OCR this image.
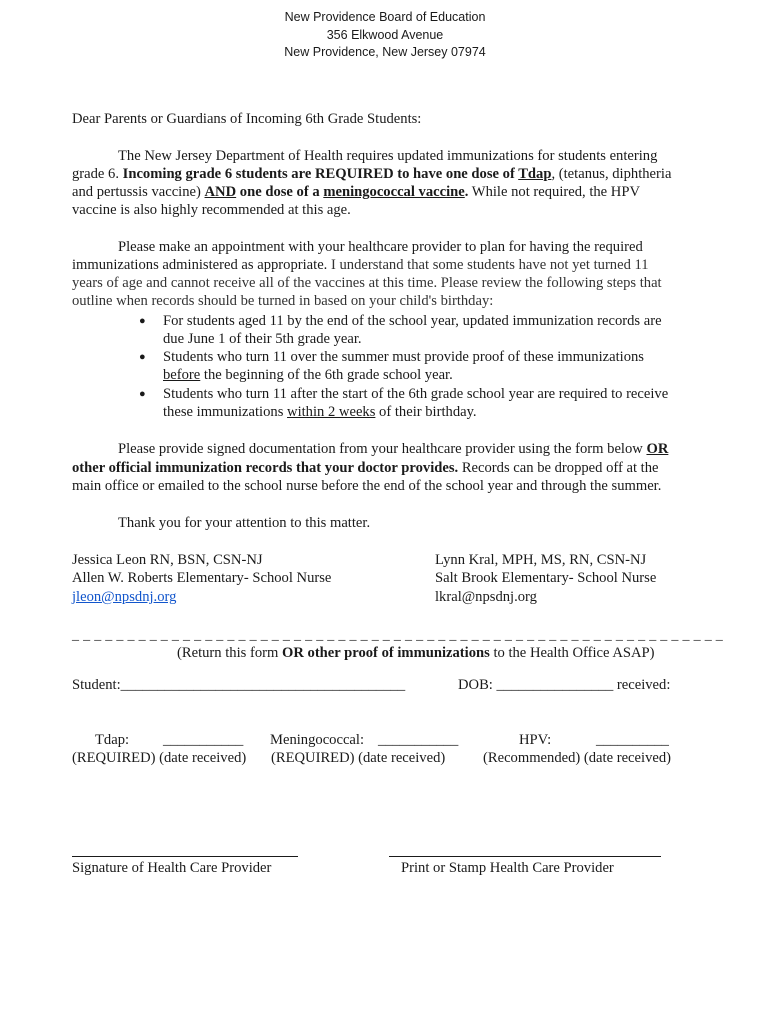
New Providence Board of Education
356 Elkwood Avenue
New Providence, New Jersey 07974
Dear Parents or Guardians of Incoming 6th Grade Students:
The New Jersey Department of Health requires updated immunizations for students entering
grade 6. Incoming grade 6 students are REQUIRED to have one dose of Tdap, (tetanus, diphtheria
and pertussis vaccine) AND one dose of a meningococcal vaccine. While not required, the HPV
vaccine is also highly recommended at this age.
Please make an appointment with your healthcare provider to plan for having the required
immunizations administered as appropriate. I understand that some students have not yet turned 11
years of age and cannot receive all of the vaccines at this time. Please review the following steps that
outline when records should be turned in based on your child's birthday:
● For students aged 11 by the end of the school year, updated immunization records are
due June 1 of their 5th grade year.
● Students who turn 11 over the summer must provide proof of these immunizations
before the beginning of the 6th grade school year.
● Students who turn 11 after the start of the 6th grade school year are required to receive
these immunizations within 2 weeks of their birthday.
Please provide signed documentation from your healthcare provider using the form below OR
other official immunization records that your doctor provides. Records can be dropped off at the
main office or emailed to the school nurse before the end of the school year and through the summer.
Thank you for your attention to this matter.
Jessica Leon RN, BSN, CSN-NJ
Allen W. Roberts Elementary- School Nurse
jleon@npsdnj.org
Lynn Kral, MPH, MS, RN, CSN-NJ
Salt Brook Elementary- School Nurse
lkral@npsdnj.org
_ _ _ _ _ _ _ _ _ _ _ _ _ _ _ _ _ _ _ _ _ _ _ _ _ _ _ _ _ _ _ _ _ _ _ _ _ _ _ _ _ _ _ _ _ _ _ _ _ _ _ _ _ _ _ _ _ _ _
(Return this form OR other proof of immunizations to the Health Office ASAP)
Student:_______________________________________	DOB: ________________ received:
Tdap: ___________
(REQUIRED) (date received)
Meningococcal: ___________
(REQUIRED) (date received)
HPV:	__________
(Recommended) (date received)
Signature of Health Care Provider	Print or Stamp Health Care Provider
